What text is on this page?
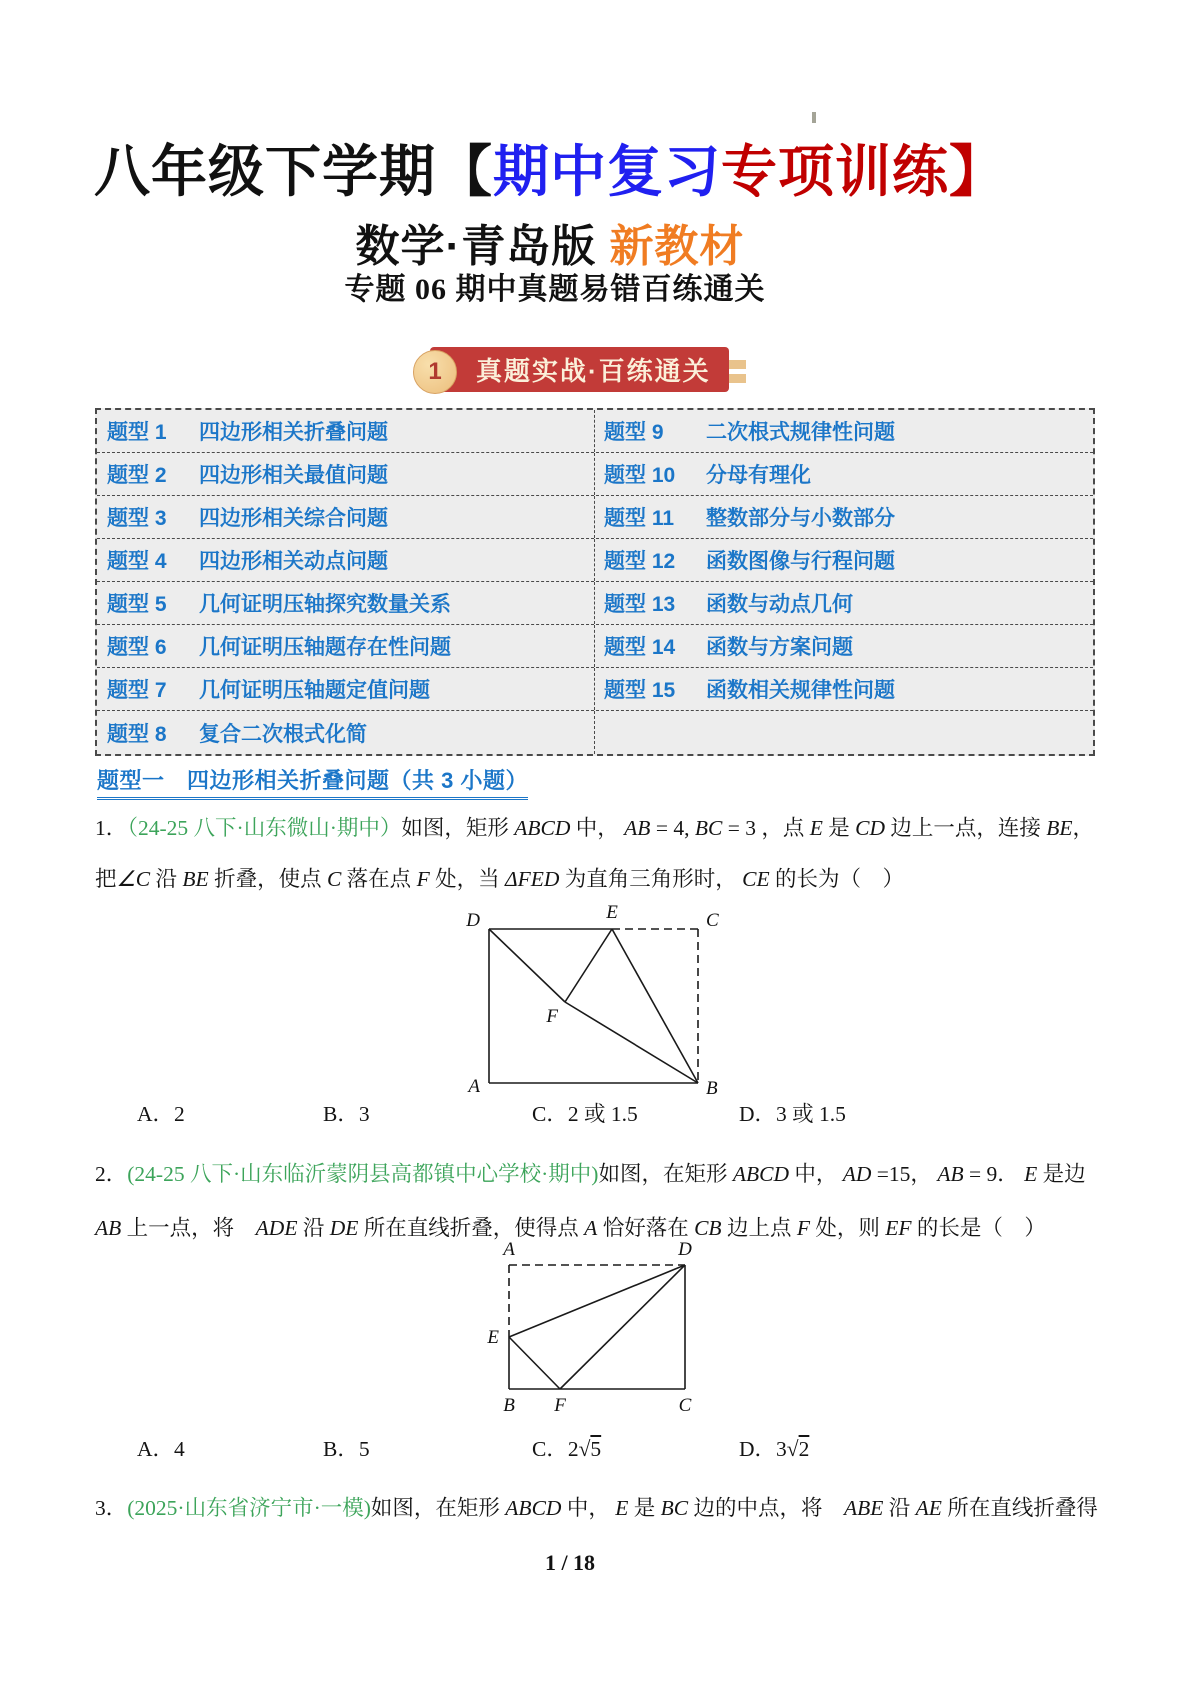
八年级下学期【期中复习专项训练】
数学·青岛版 新教材
专题 06 期中真题易错百练通关
1 真题实战·百练通关
题型 1	四边形相关折叠问题	题型 9	二次根式规律性问题
题型 2	四边形相关最值问题	题型 10	分母有理化
题型 3	四边形相关综合问题	题型 11	整数部分与小数部分
题型 4	四边形相关动点问题	题型 12	函数图像与行程问题
题型 5	几何证明压轴探究数量关系	题型 13	函数与动点几何
题型 6	几何证明压轴题存在性问题	题型 14	函数与方案问题
题型 7	几何证明压轴题定值问题	题型 15	函数相关规律性问题
题型 8	复合二次根式化简
题型一　四边形相关折叠问题（共 3 小题）
1．（24-25 八下·山东微山·期中）如图，矩形 ABCD 中， AB = 4, BC = 3 ，点 E 是 CD 边上一点，连接 BE，
把∠C 沿 BE 折叠，使点 C 落在点 F 处，当 ΔFED 为直角三角形时， CE 的长为（　）
D	E	C
A	B
F
A．2	B．3	C．2 或 1.5	D．3 或 1.5
2．(24-25 八下·山东临沂蒙阴县高都镇中心学校·期中)如图，在矩形 ABCD 中， AD =15， AB = 9． E 是边
AB 上一点，将　ADE 沿 DE 所在直线折叠，使得点 A 恰好落在 CB 边上点 F 处，则 EF 的长是（　）
A	D
E
B F	C
A．4	B．5	C．2√5	D．3√2
3．(2025·山东省济宁市·一模)如图，在矩形 ABCD 中， E 是 BC 边的中点，将　ABE 沿 AE 所在直线折叠得
1 / 18
